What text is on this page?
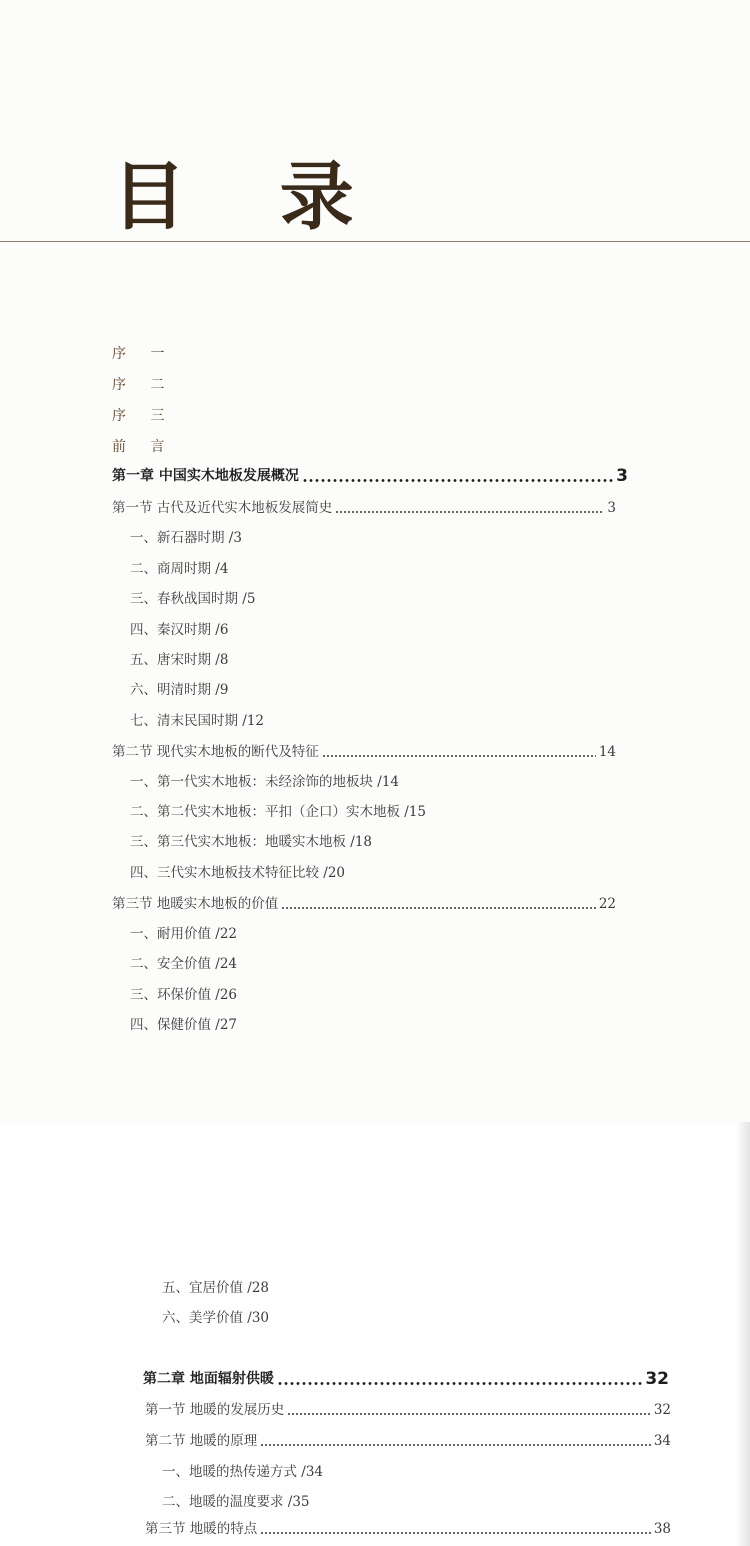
目 录
序 一
序 二
序 三
前 言
第一章 中国实木地板发展概况	3
第一节 古代及近代实木地板发展简史	3
一、新石器时期 /3
二、商周时期 /4
三、春秋战国时期 /5
四、秦汉时期 /6
五、唐宋时期 /8
六、明清时期 /9
七、清末民国时期 /12
第二节 现代实木地板的断代及特征	14
一、第一代实木地板：未经涂饰的地板块 /14
二、第二代实木地板：平扣（企口）实木地板 /15
三、第三代实木地板：地暖实木地板 /18
四、三代实木地板技术特征比较 /20
第三节 地暖实木地板的价值	22
一、耐用价值 /22
二、安全价值 /24
三、环保价值 /26
四、保健价值 /27
五、宜居价值 /28
六、美学价值 /30
第二章 地面辐射供暖	32
第一节 地暖的发展历史	32
第二节 地暖的原理	34
一、地暖的热传递方式 /34
二、地暖的温度要求 /35
第三节 地暖的特点	38
